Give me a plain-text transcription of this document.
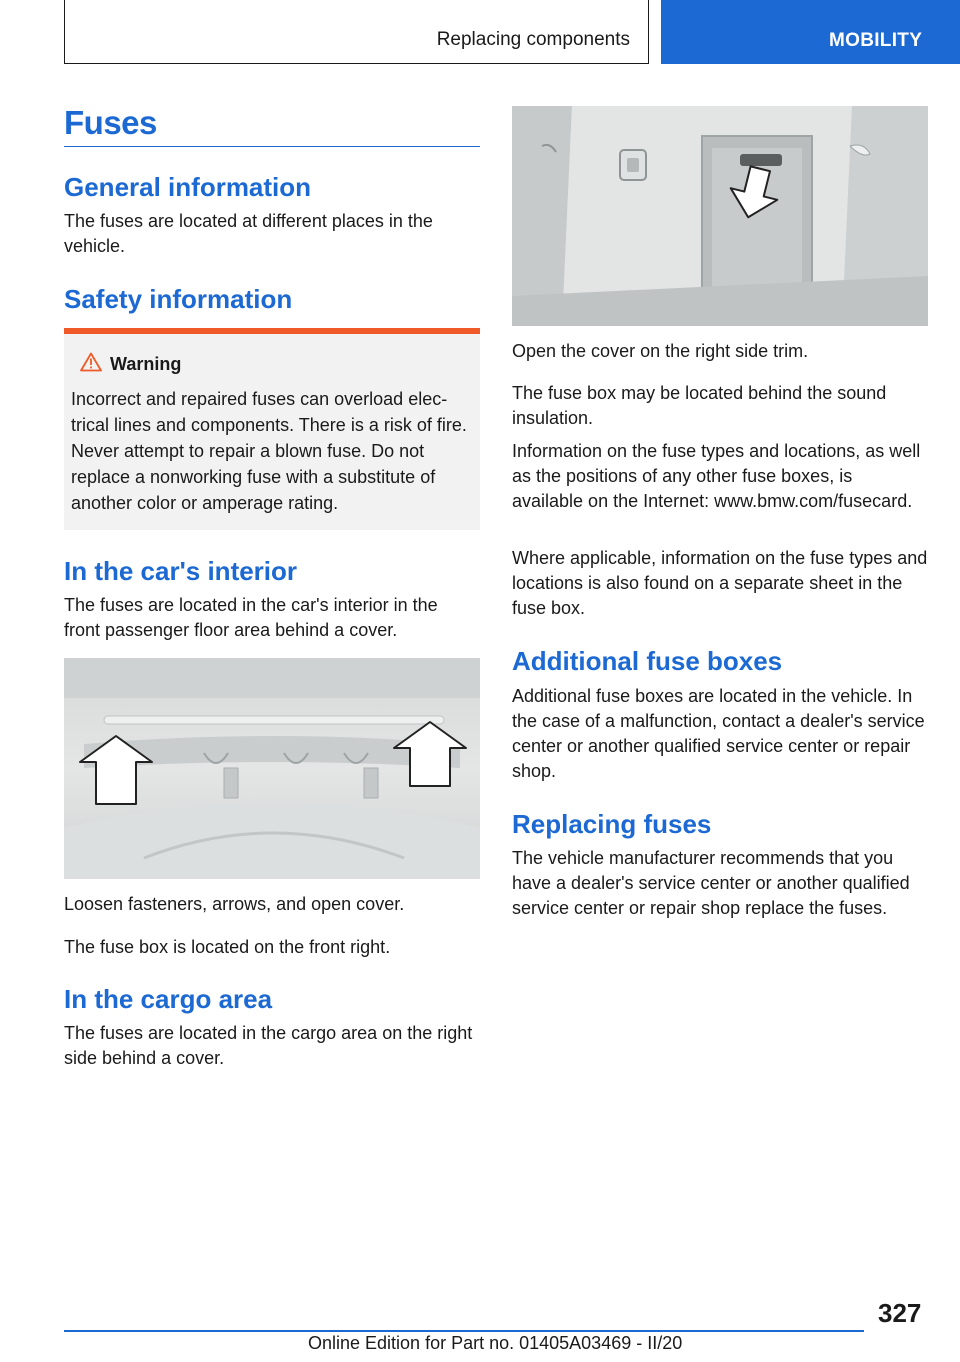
Replacing components	MOBILITY
Fuses
General information

The fuses are located at different places in the vehicle.

Safety information
Warning
Incorrect and repaired fuses can overload electrical lines and components. There is a risk of fire. Never attempt to repair a blown fuse. Do not replace a nonworking fuse with a substitute of another color or amperage rating.
In the car's interior

The fuses are located in the car's interior in the front passenger floor area behind a cover.

Loosen fasteners, arrows, and open cover.

The fuse box is located on the front right.

In the cargo area

The fuses are located in the cargo area on the right side behind a cover.

Open the cover on the right side trim.

The fuse box may be located behind the sound insulation.

Information on the fuse types and locations, as well as the positions of any other fuse boxes, is available on the Internet: www.bmw.com/fusecard.

Where applicable, information on the fuse types and locations is also found on a separate sheet in the fuse box.

Additional fuse boxes

Additional fuse boxes are located in the vehicle. In the case of a malfunction, contact a dealer's service center or another qualified service center or repair shop.

Replacing fuses

The vehicle manufacturer recommends that you have a dealer's service center or another qualified service center or repair shop replace the fuses.

327
Online Edition for Part no. 01405A03469 - II/20
